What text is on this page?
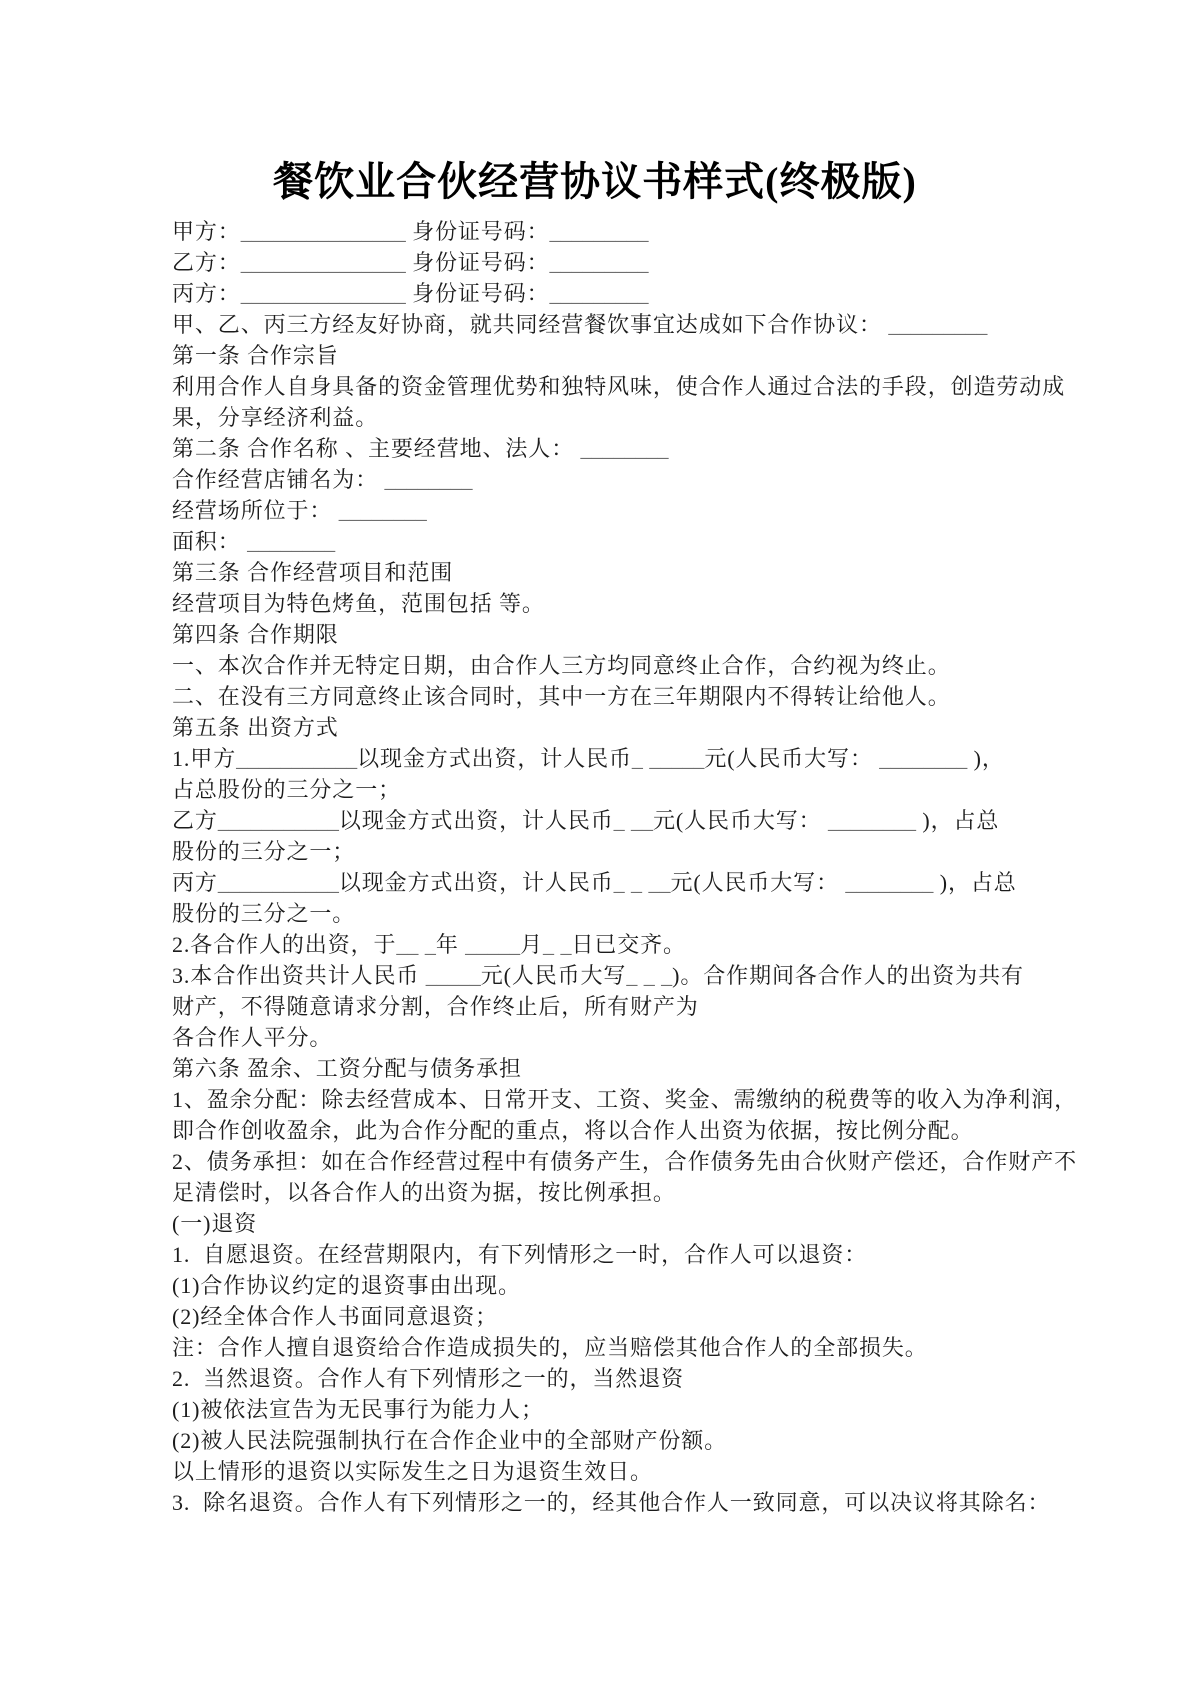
餐饮业合伙经营协议书样式(终极版)
甲方：_______________ 身份证号码：_________
乙方：_______________ 身份证号码：_________
丙方：_______________ 身份证号码：_________
甲、乙、丙三方经友好协商，就共同经营餐饮事宜达成如下合作协议： _________
第一条 合作宗旨
利用合作人自身具备的资金管理优势和独特风味，使合作人通过合法的手段，创造劳动成
果，分享经济利益。
第二条 合作名称 、主要经营地、法人： ________
合作经营店铺名为： ________
经营场所位于： ________
面积： ________
第三条 合作经营项目和范围
经营项目为特色烤鱼，范围包括 等。
第四条 合作期限
一、本次合作并无特定日期，由合作人三方均同意终止合作，合约视为终止。
二、在没有三方同意终止该合同时，其中一方在三年期限内不得转让给他人。
第五条 出资方式
1.甲方___________以现金方式出资，计人民币_ _____元(人民币大写： ________ )，
占总股份的三分之一；
乙方___________以现金方式出资，计人民币_ __元(人民币大写： ________ )，占总
股份的三分之一；
丙方___________以现金方式出资，计人民币_ _ __元(人民币大写： ________ )，占总
股份的三分之一。
2.各合作人的出资，于__ _年 _____月_ _日已交齐。
3.本合作出资共计人民币 _____元(人民币大写_ _ _)。合作期间各合作人的出资为共有
财产，不得随意请求分割，合作终止后，所有财产为
各合作人平分。
第六条 盈余、工资分配与债务承担
1、盈余分配：除去经营成本、日常开支、工资、奖金、需缴纳的税费等的收入为净利润，
即合作创收盈余，此为合作分配的重点，将以合作人出资为依据，按比例分配。
2、债务承担：如在合作经营过程中有债务产生，合作债务先由合伙财产偿还，合作财产不
足清偿时，以各合作人的出资为据，按比例承担。
(一)退资
1.  自愿退资。在经营期限内，有下列情形之一时，合作人可以退资：
(1)合作协议约定的退资事由出现。
(2)经全体合作人书面同意退资；
注：合作人擅自退资给合作造成损失的，应当赔偿其他合作人的全部损失。
2.  当然退资。合作人有下列情形之一的，当然退资
(1)被依法宣告为无民事行为能力人；
(2)被人民法院强制执行在合作企业中的全部财产份额。
以上情形的退资以实际发生之日为退资生效日。
3.  除名退资。合作人有下列情形之一的，经其他合作人一致同意，可以决议将其除名：
